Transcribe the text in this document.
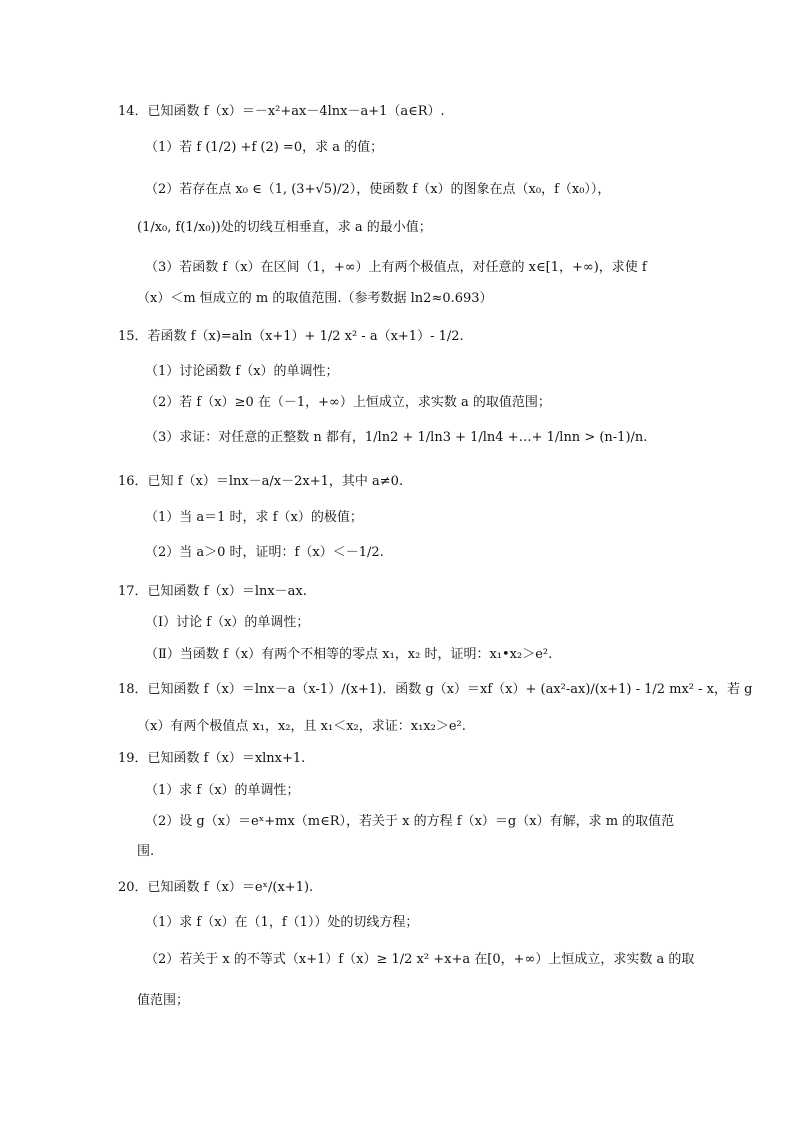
14．已知函数 f（x）＝－x²+ax－4lnx－a+1（a∈R）.
（1）若 f (1/2) +f (2) =0，求 a 的值；
（2）若存在点 x₀ ∈（1, (3+√5)/2），使函数 f（x）的图象在点（x₀，f（x₀）），
(1/x₀, f(1/x₀))处的切线互相垂直，求 a 的最小值；
（3）若函数 f（x）在区间（1，+∞）上有两个极值点，对任意的 x∈[1，+∞)，求使 f
（x）＜m 恒成立的 m 的取值范围.（参考数据 ln2≈0.693）
15．若函数 f（x)=aln（x+1）+ 1/2 x² - a（x+1）- 1/2.
（1）讨论函数 f（x）的单调性；
（2）若 f（x）≥0 在（－1，+∞）上恒成立，求实数 a 的取值范围；
（3）求证：对任意的正整数 n 都有，1/ln2 + 1/ln3 + 1/ln4 +…+ 1/lnn > (n-1)/n.
16．已知 f（x）＝lnx－a/x－2x+1，其中 a≠0.
（1）当 a＝1 时，求 f（x）的极值；
（2）当 a＞0 时，证明：f（x）＜－1/2.
17．已知函数 f（x）＝lnx－ax.
（Ⅰ）讨论 f（x）的单调性；
（Ⅱ）当函数 f（x）有两个不相等的零点 x₁，x₂ 时，证明：x₁•x₂＞e².
18．已知函数 f（x）＝lnx－a（x-1）/(x+1)．函数 g（x）＝xf（x）+ (ax²-ax)/(x+1) - 1/2 mx² - x，若 g
（x）有两个极值点 x₁，x₂，且 x₁＜x₂，求证：x₁x₂＞e².
19．已知函数 f（x）＝xlnx+1.
（1）求 f（x）的单调性；
（2）设 g（x）＝eˣ+mx（m∈R），若关于 x 的方程 f（x）＝g（x）有解，求 m 的取值范
围.
20．已知函数 f（x）＝eˣ/(x+1).
（1）求 f（x）在（1，f（1））处的切线方程；
（2）若关于 x 的不等式（x+1）f（x）≥ 1/2 x² +x+a 在[0，+∞）上恒成立，求实数 a 的取
值范围；
